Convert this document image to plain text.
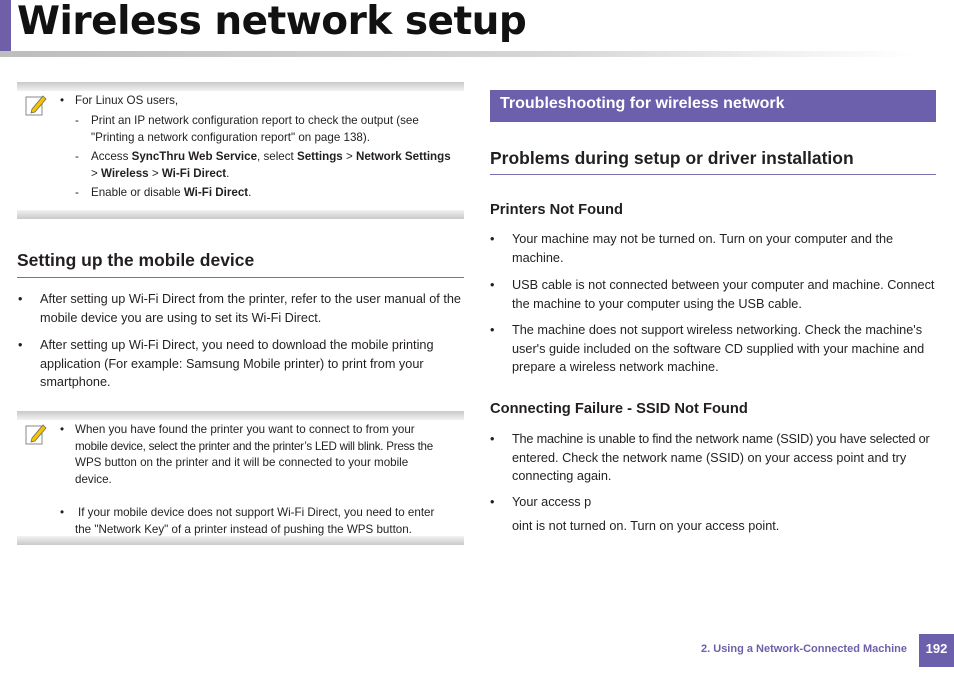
Wireless network setup
• For Linux OS users,
- Print an IP network configuration report to check the output (see
"Printing a network configuration report" on page 138).
- Access SyncThru Web Service, select Settings > Network Settings
> Wireless > Wi-Fi Direct.
- Enable or disable Wi-Fi Direct.
Setting up the mobile device
• After setting up Wi-Fi Direct from the printer, refer to the user manual of the
mobile device you are using to set its Wi-Fi Direct.
• After setting up Wi-Fi Direct, you need to download the mobile printing
application (For example: Samsung Mobile printer) to print from your
smartphone.
• When you have found the printer you want to connect to from your
mobile device, select the printer and the printer’s LED will blink. Press the
WPS button on the printer and it will be connected to your mobile
device.
• If your mobile device does not support Wi-Fi Direct, you need to enter
the "Network Key" of a printer instead of pushing the WPS button.
Troubleshooting for wireless network
Problems during setup or driver installation
Printers Not Found
• Your machine may not be turned on. Turn on your computer and the
machine.
• USB cable is not connected between your computer and machine. Connect
the machine to your computer using the USB cable.
• The machine does not support wireless networking. Check the machine's
user's guide included on the software CD supplied with your machine and
prepare a wireless network machine.
Connecting Failure - SSID Not Found
• The machine is unable to find the network name (SSID) you have selected or
entered. Check the network name (SSID) on your access point and try
connecting again.
• Your access p
oint is not turned on. Turn on your access point.
2. Using a Network-Connected Machine	192
